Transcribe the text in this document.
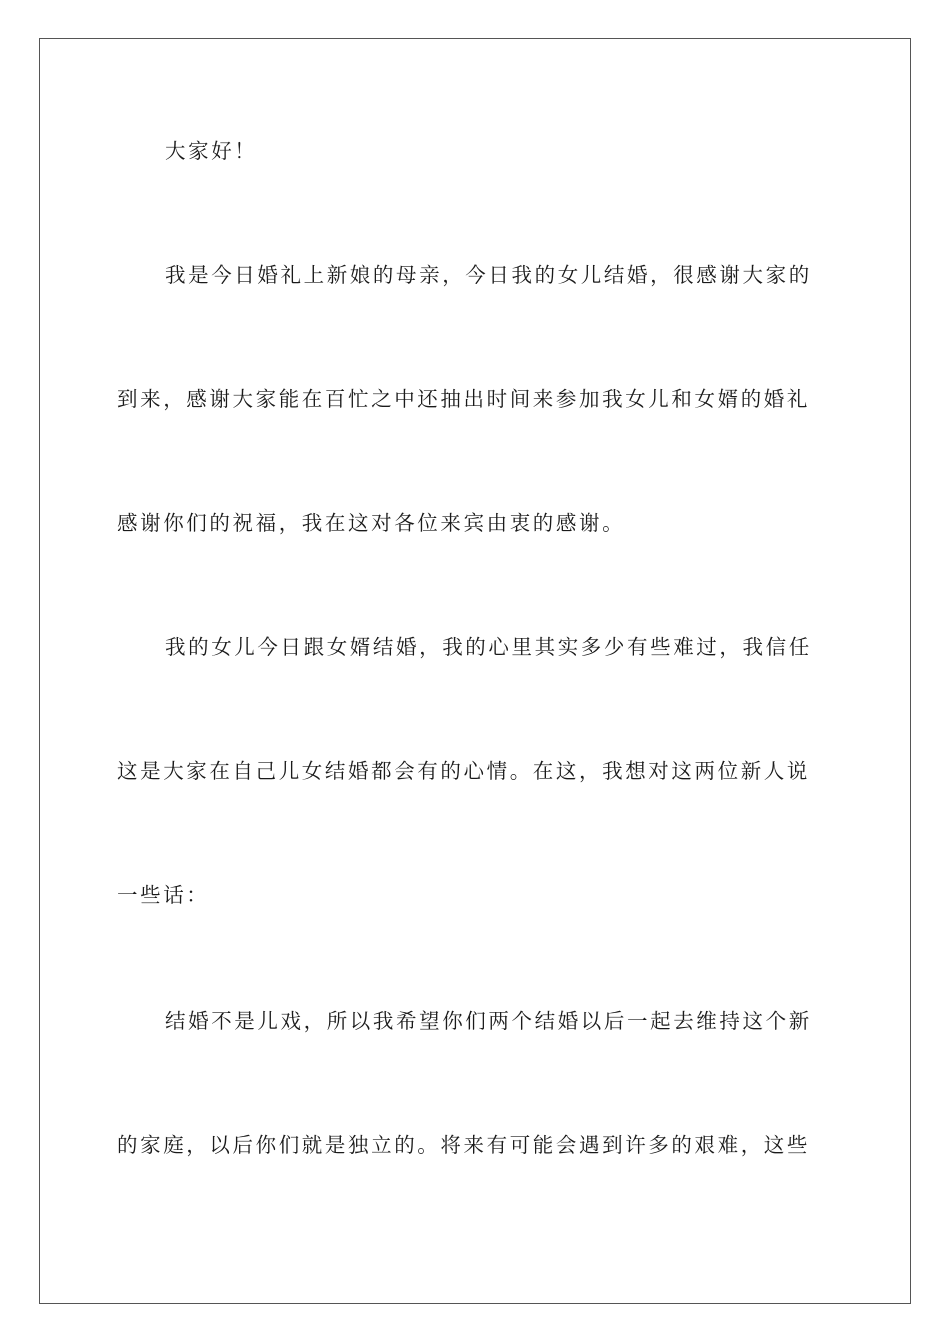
大家好！
我是今日婚礼上新娘的母亲，今日我的女儿结婚，很感谢大家的
到来，感谢大家能在百忙之中还抽出时间来参加我女儿和女婿的婚礼
感谢你们的祝福，我在这对各位来宾由衷的感谢。
我的女儿今日跟女婿结婚，我的心里其实多少有些难过，我信任
这是大家在自己儿女结婚都会有的心情。在这，我想对这两位新人说
一些话：
结婚不是儿戏，所以我希望你们两个结婚以后一起去维持这个新
的家庭，以后你们就是独立的。将来有可能会遇到许多的艰难，这些
